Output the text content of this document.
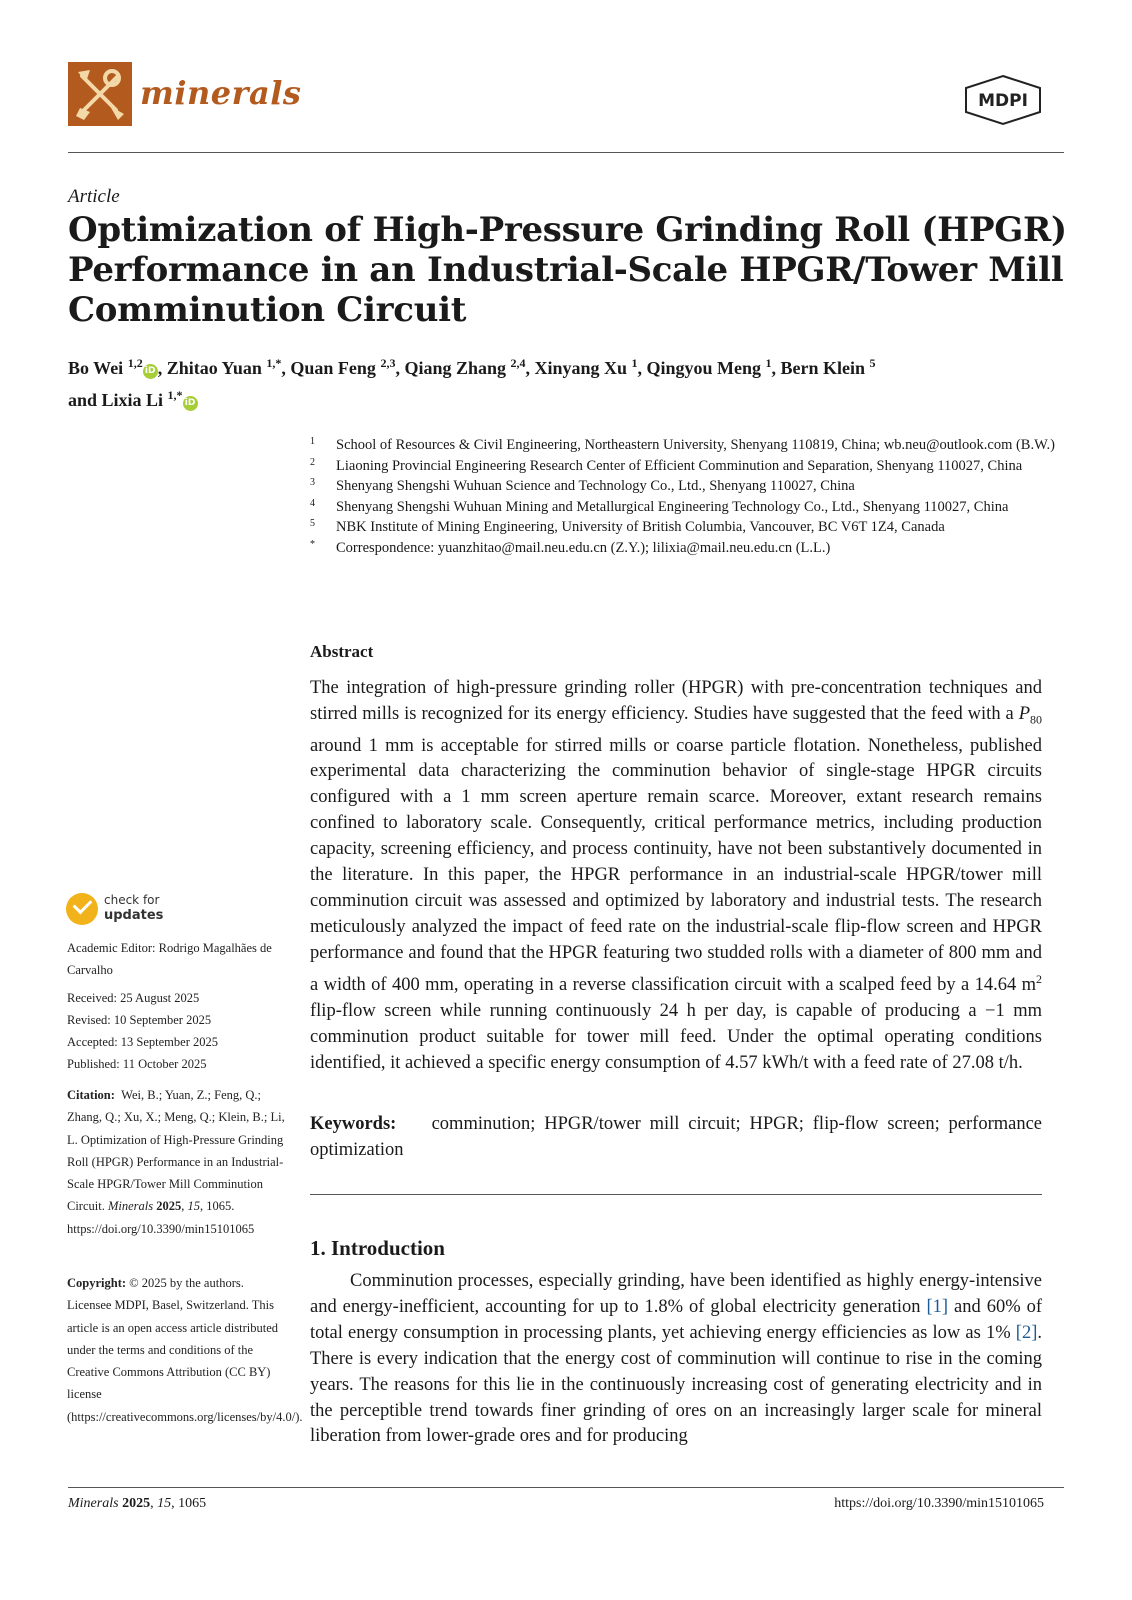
minerals	MDPI
Article
Optimization of High-Pressure Grinding Roll (HPGR) Performance in an Industrial-Scale HPGR/Tower Mill Comminution Circuit
Bo Wei $^{1,2}$iD , Zhitao Yuan $^{1,*}$, Quan Feng $^{2,3}$, Qiang Zhang $^{2,4}$, Xinyang Xu $^1$, Qingyou Meng $^1$, Bern Klein $^5$
and Lixia Li $^{1,*}$iD
1	School of Resources & Civil Engineering, Northeastern University, Shenyang 110819, China; wb.neu@outlook.com (B.W.)
2	Liaoning Provincial Engineering Research Center of Efficient Comminution and Separation, Shenyang 110027, China
3	Shenyang Shengshi Wuhuan Science and Technology Co., Ltd., Shenyang 110027, China
4	Shenyang Shengshi Wuhuan Mining and Metallurgical Engineering Technology Co., Ltd., Shenyang 110027, China
5	NBK Institute of Mining Engineering, University of British Columbia, Vancouver, BC V6T 1Z4, Canada
*	Correspondence: yuanzhitao@mail.neu.edu.cn (Z.Y.); lilixia@mail.neu.edu.cn (L.L.)
Abstract
The integration of high-pressure grinding roller (HPGR) with pre-concentration techniques and stirred mills is recognized for its energy efficiency. Studies have suggested that the feed with a $P_{80}$ around 1 mm is acceptable for stirred mills or coarse particle flotation. Nonetheless, published experimental data characterizing the comminution behavior of single-stage HPGR circuits configured with a 1 mm screen aperture remain scarce. Moreover, extant research remains confined to laboratory scale. Consequently, critical performance metrics, including production capacity, screening efficiency, and process continuity, have not been substantively documented in the literature. In this paper, the HPGR performance in an industrial-scale HPGR/tower mill comminution circuit was assessed and optimized by laboratory and industrial tests. The research meticulously analyzed the impact of feed rate on the industrial-scale flip-flow screen and HPGR performance and found that the HPGR featuring two studded rolls with a diameter of 800 mm and a width of 400 mm, operating in a reverse classification circuit with a scalped feed by a 14.64 $m^2$ flip-flow screen while running continuously 24 h per day, is capable of producing a −1 mm comminution product suitable for tower mill feed. Under the optimal operating conditions identified, it achieved a specific energy consumption of 4.57 kWh/t with a feed rate of 27.08 t/h.
Keywords: comminution; HPGR/tower mill circuit; HPGR; flip-flow screen; performance optimization
1. Introduction

Comminution processes, especially grinding, have been identified as highly energy-intensive and energy-inefficient, accounting for up to 1.8% of global electricity generation [1] and 60% of total energy consumption in processing plants, yet achieving energy efficiencies as low as 1% [2]. There is every indication that the energy cost of comminution will continue to rise in the coming years. The reasons for this lie in the continuously increasing cost of generating electricity and in the perceptible trend towards finer grinding of ores on an increasingly larger scale for mineral liberation from lower-grade ores and for producing

check for
updates
Academic Editor: Rodrigo Magalhães de Carvalho
Received: 25 August 2025
Revised: 10 September 2025
Accepted: 13 September 2025
Published: 11 October 2025
Citation: Wei, B.; Yuan, Z.; Feng, Q.; Zhang, Q.; Xu, X.; Meng, Q.; Klein, B.; Li, L. Optimization of High-Pressure Grinding Roll (HPGR) Performance in an Industrial-Scale HPGR/Tower Mill Comminution Circuit. Minerals 2025, 15, 1065. https://doi.org/10.3390/min15101065
Copyright: © 2025 by the authors. Licensee MDPI, Basel, Switzerland. This article is an open access article distributed under the terms and conditions of the Creative Commons Attribution (CC BY) license (https://creativecommons.org/licenses/by/4.0/).
Minerals 2025, 15, 1065	https://doi.org/10.3390/min15101065
